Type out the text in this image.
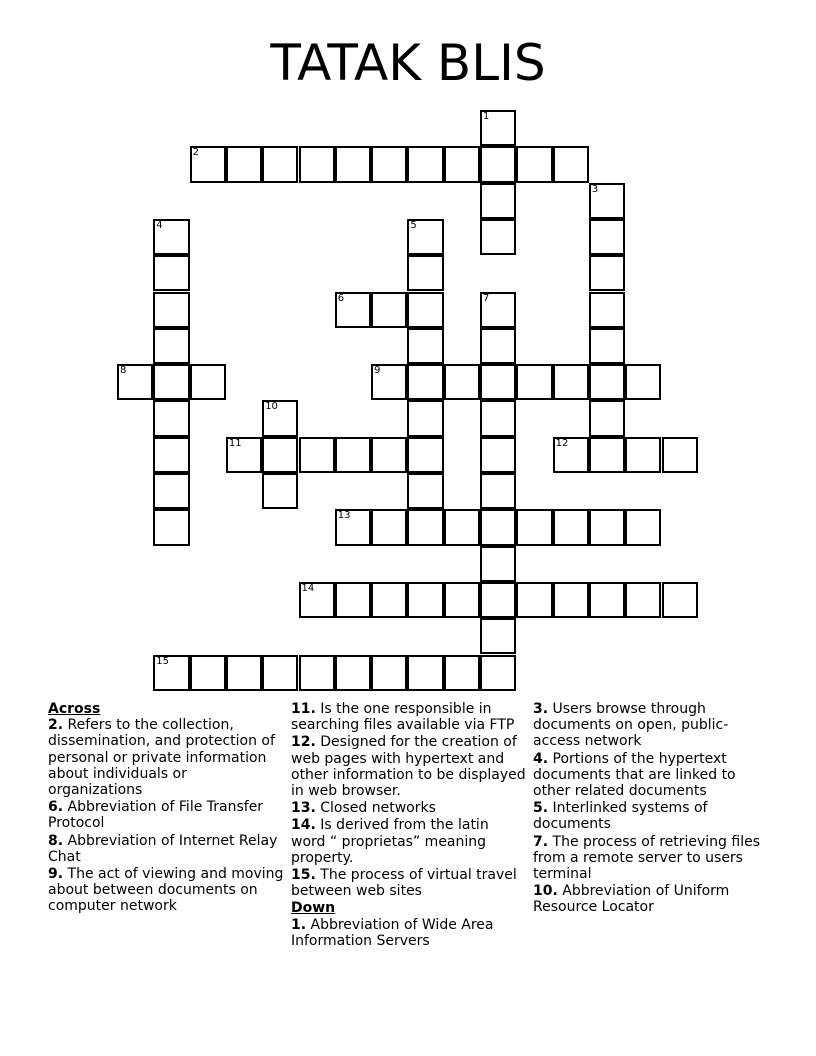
TATAK BLIS
1
2
3
4	5
6	7
8	9
10
11	12
13
14
15
Across
2. Refers to the collection, dissemination, and protection of personal or private information about individuals or organizations
6. Abbreviation of File Transfer Protocol
8. Abbreviation of Internet Relay Chat
9. The act of viewing and moving about between documents on computer network
11. Is the one responsible in searching files available via FTP
12. Designed for the creation of web pages with hypertext and other information to be displayed in web browser.
13. Closed networks
14. Is derived from the latin word “ proprietas” meaning property.
15. The process of virtual travel between web sites
Down
1. Abbreviation of Wide Area Information Servers
3. Users browse through documents on open, public-access network
4. Portions of the hypertext documents that are linked to other related documents
5. Interlinked systems of documents
7. The process of retrieving files from a remote server to users terminal
10. Abbreviation of Uniform Resource Locator
